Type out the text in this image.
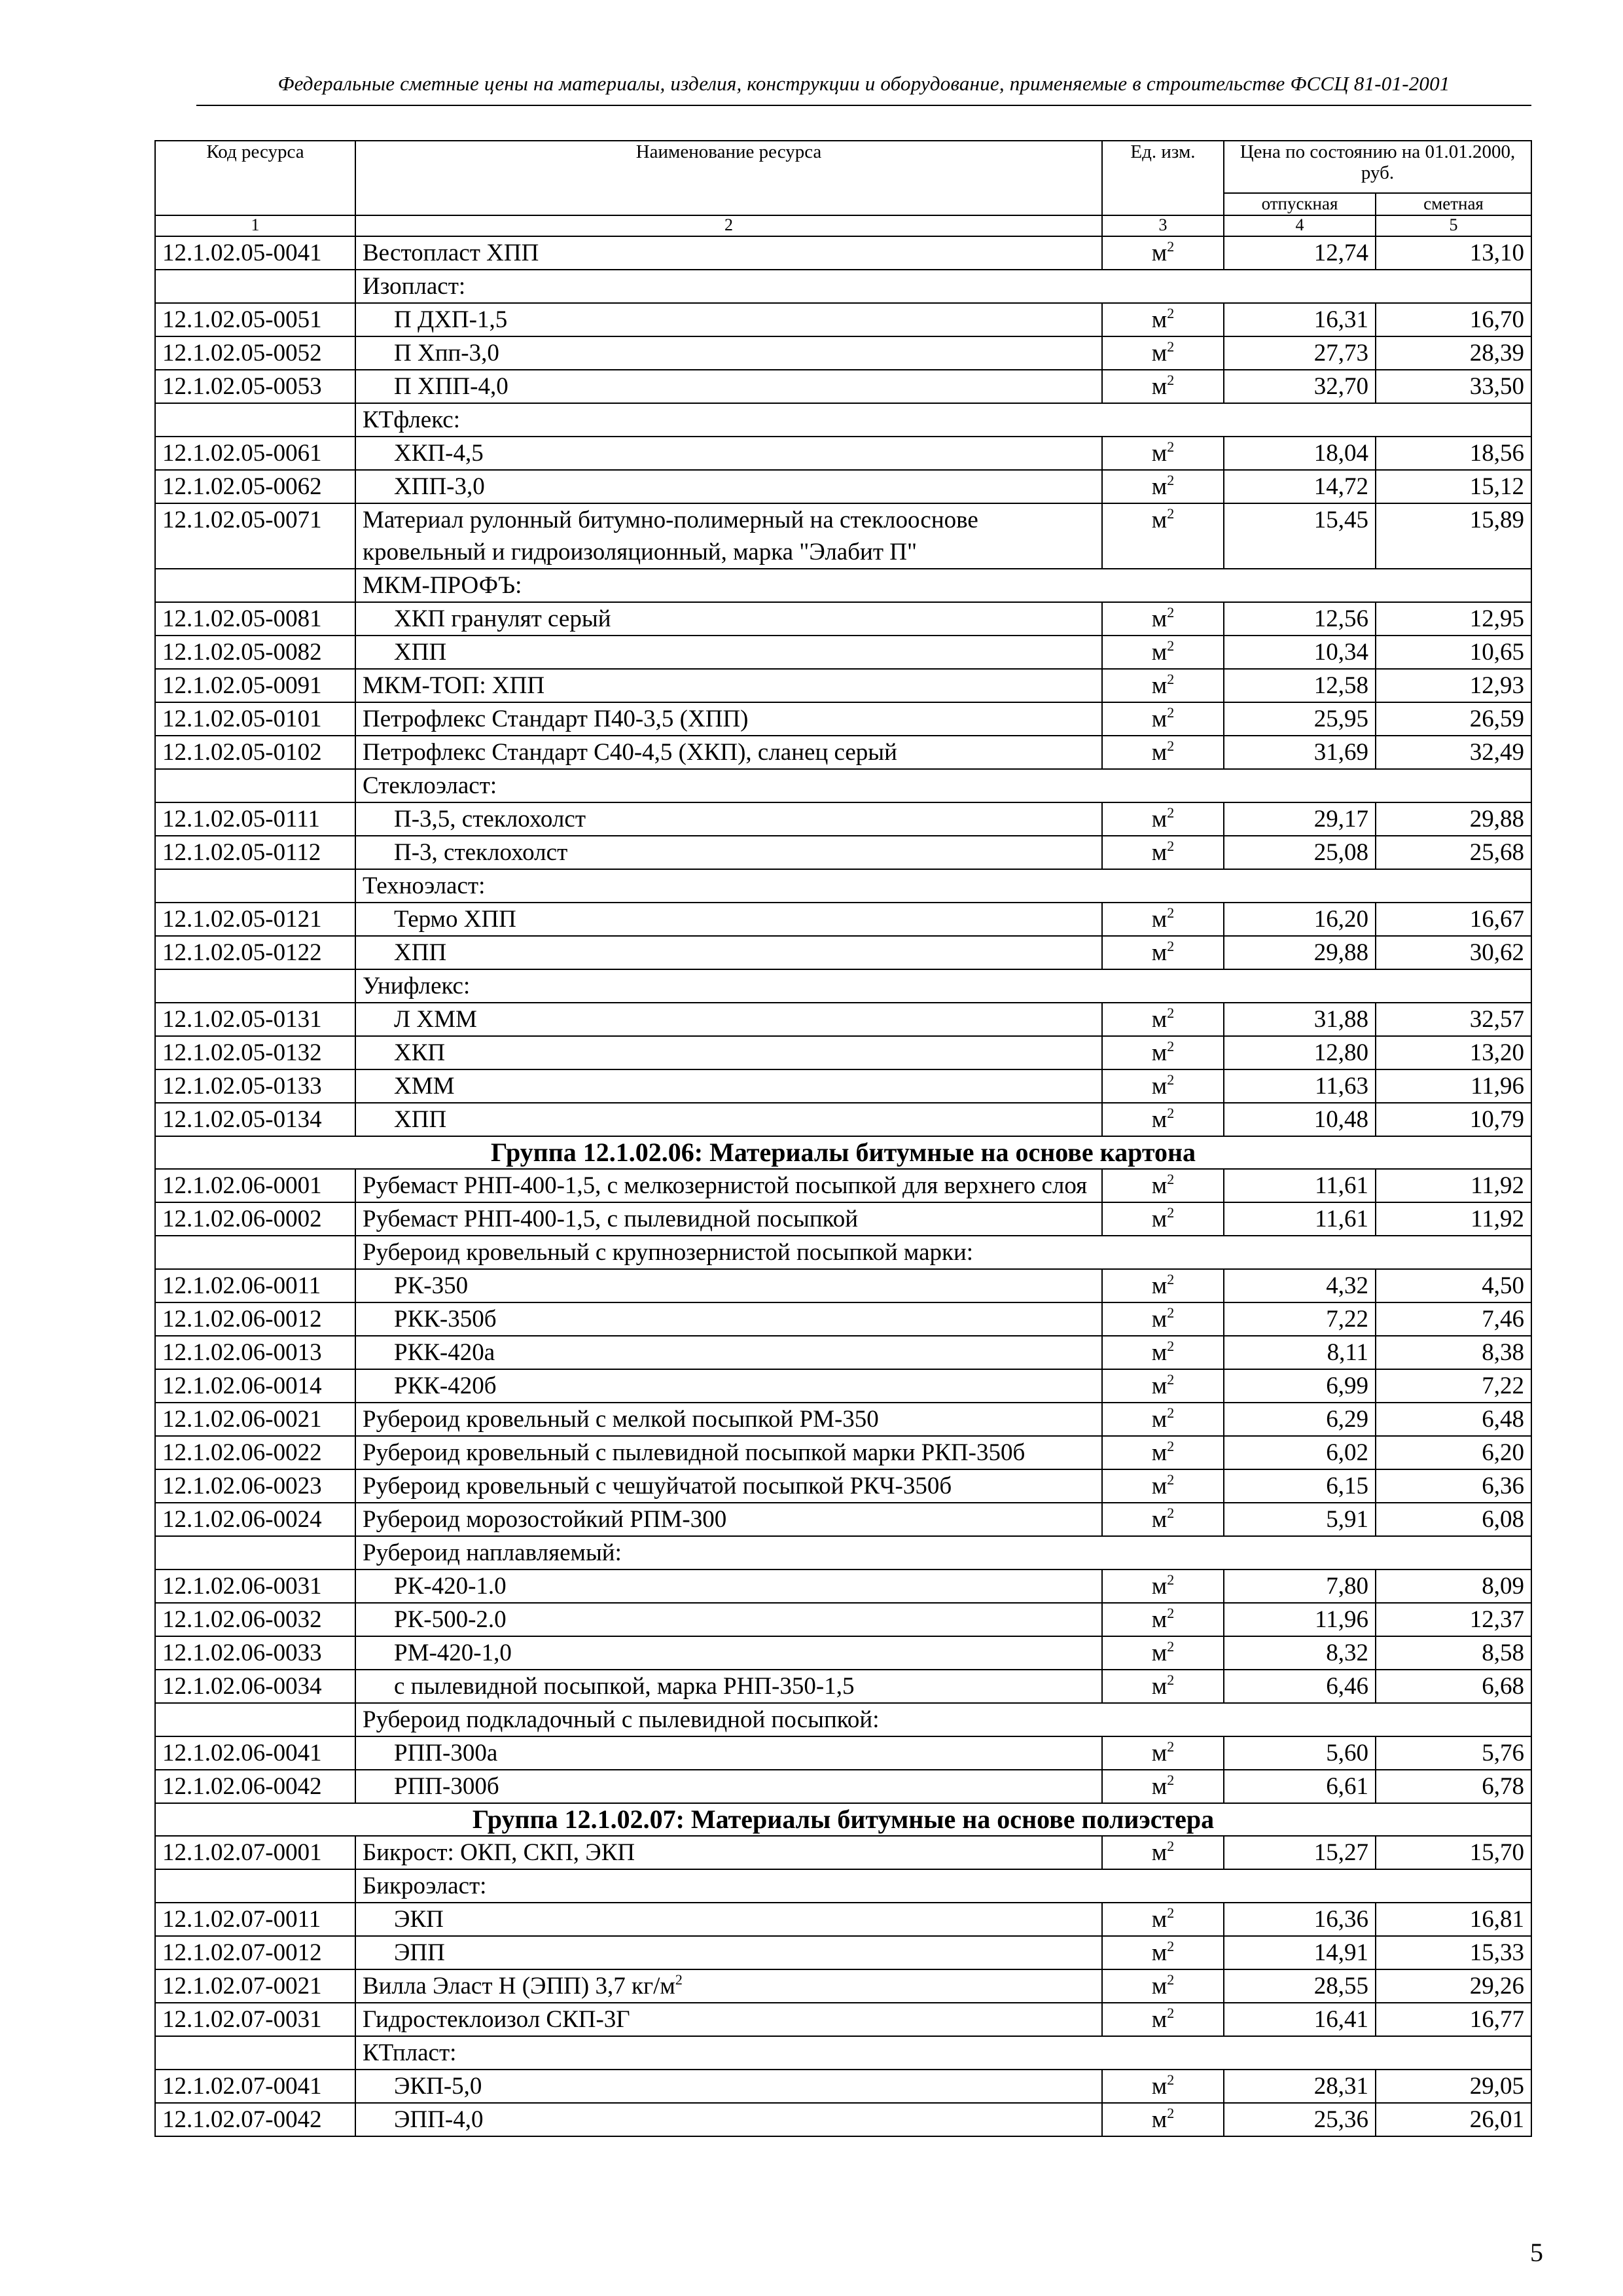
Федеральные сметные цены на материалы, изделия, конструкции и оборудование, применяемые в строительстве ФССЦ 81-01-2001
Код ресурса	Наименование ресурса	Ед. изм.	Цена по состоянию на 01.01.2000, руб.	
			отпускная	сметная
1	2	3	4	5
12.1.02.05-0041	Вестопласт ХПП	$м^2$	12,74	13,10
	Изопласт:			
12.1.02.05-0051	П ДХП-1,5	$м^2$	16,31	16,70
12.1.02.05-0052	П Хпп-3,0	$м^2$	27,73	28,39
12.1.02.05-0053	П ХПП-4,0	$м^2$	32,70	33,50
	КТфлекс:			
12.1.02.05-0061	ХКП-4,5	$м^2$	18,04	18,56
12.1.02.05-0062	ХПП-3,0	$м^2$	14,72	15,12
12.1.02.05-0071	Материал рулонный битумно-полимерный на стеклооснове кровельный и гидроизоляционный, марка "Элабит П"	$м^2$	15,45	15,89
	МКМ-ПРОФЪ:			
12.1.02.05-0081	ХКП гранулят серый	$м^2$	12,56	12,95
12.1.02.05-0082	ХПП	$м^2$	10,34	10,65
12.1.02.05-0091	МКМ-ТОП: ХПП	$м^2$	12,58	12,93
12.1.02.05-0101	Петрофлекс Стандарт П40-3,5 (ХПП)	$м^2$	25,95	26,59
12.1.02.05-0102	Петрофлекс Стандарт С40-4,5 (ХКП), сланец серый	$м^2$	31,69	32,49
	Стеклоэласт:			
12.1.02.05-0111	П-3,5, стеклохолст	$м^2$	29,17	29,88
12.1.02.05-0112	П-3, стеклохолст	$м^2$	25,08	25,68
	Техноэласт:			
12.1.02.05-0121	Термо ХПП	$м^2$	16,20	16,67
12.1.02.05-0122	ХПП	$м^2$	29,88	30,62
	Унифлекс:			
12.1.02.05-0131	Л ХММ	$м^2$	31,88	32,57
12.1.02.05-0132	ХКП	$м^2$	12,80	13,20
12.1.02.05-0133	ХММ	$м^2$	11,63	11,96
12.1.02.05-0134	ХПП	$м^2$	10,48	10,79
Группа 12.1.02.06: Материалы битумные на основе картона				
12.1.02.06-0001	Рубемаст РНП-400-1,5, с мелкозернистой посыпкой для верхнего слоя	$м^2$	11,61	11,92
12.1.02.06-0002	Рубемаст РНП-400-1,5, с пылевидной посыпкой	$м^2$	11,61	11,92
	Рубероид кровельный с крупнозернистой посыпкой марки:			
12.1.02.06-0011	РК-350	$м^2$	4,32	4,50
12.1.02.06-0012	РКК-350б	$м^2$	7,22	7,46
12.1.02.06-0013	РКК-420а	$м^2$	8,11	8,38
12.1.02.06-0014	РКК-420б	$м^2$	6,99	7,22
12.1.02.06-0021	Рубероид кровельный с мелкой посыпкой РМ-350	$м^2$	6,29	6,48
12.1.02.06-0022	Рубероид кровельный с пылевидной посыпкой марки РКП-350б	$м^2$	6,02	6,20
12.1.02.06-0023	Рубероид кровельный с чешуйчатой посыпкой РКЧ-350б	$м^2$	6,15	6,36
12.1.02.06-0024	Рубероид морозостойкий РПМ-300	$м^2$	5,91	6,08
	Рубероид наплавляемый:			
12.1.02.06-0031	РК-420-1.0	$м^2$	7,80	8,09
12.1.02.06-0032	РК-500-2.0	$м^2$	11,96	12,37
12.1.02.06-0033	РМ-420-1,0	$м^2$	8,32	8,58
12.1.02.06-0034	с пылевидной посыпкой, марка РНП-350-1,5	$м^2$	6,46	6,68
	Рубероид подкладочный с пылевидной посыпкой:			
12.1.02.06-0041	РПП-300а	$м^2$	5,60	5,76
12.1.02.06-0042	РПП-300б	$м^2$	6,61	6,78
Группа 12.1.02.07: Материалы битумные на основе полиэстера				
12.1.02.07-0001	Бикрост: ОКП, СКП, ЭКП	$м^2$	15,27	15,70
	Бикроэласт:			
12.1.02.07-0011	ЭКП	$м^2$	16,36	16,81
12.1.02.07-0012	ЭПП	$м^2$	14,91	15,33
12.1.02.07-0021	Вилла Эласт Н (ЭПП) 3,7 $кг/м^2$	$м^2$	28,55	29,26
12.1.02.07-0031	Гидростеклоизол СКП-3Г	$м^2$	16,41	16,77
	КТпласт:			
12.1.02.07-0041	ЭКП-5,0	$м^2$	28,31	29,05
12.1.02.07-0042	ЭПП-4,0	$м^2$	25,36	26,01
5
